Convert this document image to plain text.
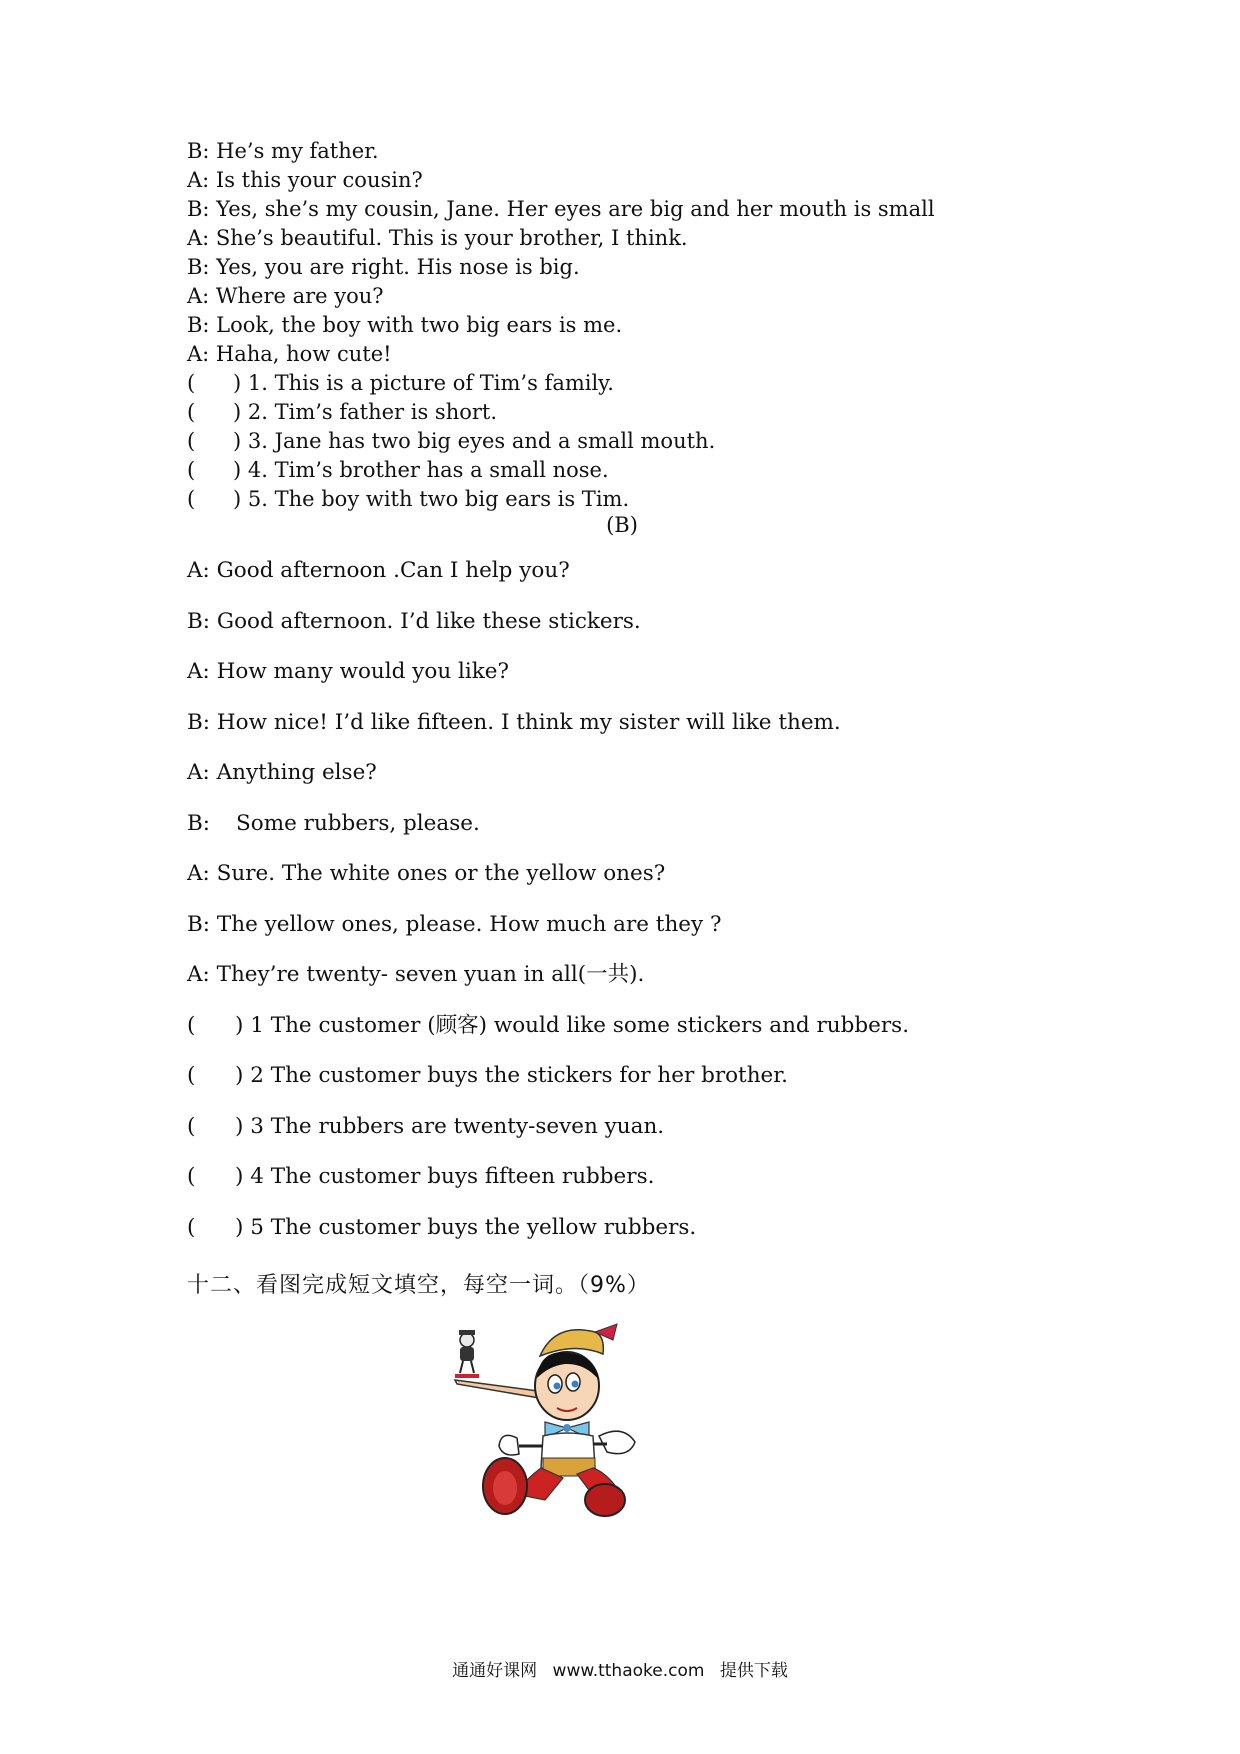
B: He’s my father.
A: Is this your cousin?
B: Yes, she’s my cousin, Jane. Her eyes are big and her mouth is small
A: She’s beautiful. This is your brother, I think.
B: Yes, you are right. His nose is big.
A: Where are you?
B: Look, the boy with two big ears is me.
A: Haha, how cute!
(	)
1. This is a picture of Tim’s family.
(	)
2. Tim’s father is short.
(	)
3. Jane has two big eyes and a small mouth.
(	)
4. Tim’s brother has a small nose.
(	)
5. The boy with two big ears is Tim.
(B)
A: Good afternoon .Can I help you?
B: Good afternoon. I’d like these stickers.
A: How many would you like?
B: How nice! I’d like fifteen. I think my sister will like them.
A: Anything else?
B: Some rubbers, please.
A: Sure. The white ones or the yellow ones?
B: The yellow ones, please. How much are they ?
A: They’re twenty- seven yuan in all(一共).
( ) 1 The customer (顾客) would like some stickers and rubbers.
( ) 2 The customer buys the stickers for her brother.
( ) 3 The rubbers are twenty-seven yuan.
( ) 4 The customer buys fifteen rubbers.
( ) 5 The customer buys the yellow rubbers.
十二、看图完成短文填空，每空一词。（9%）
通通好课网 www.tthaoke.com 提供下载
